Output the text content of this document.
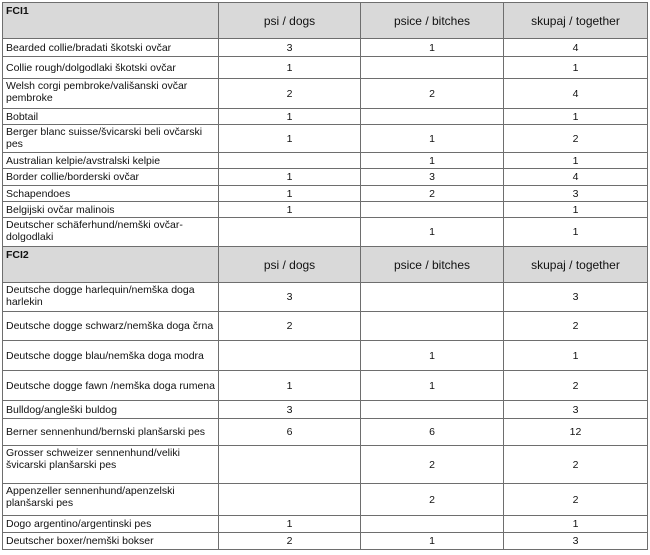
FCI1	psi / dogs	psice / bitches	skupaj / together
Bearded collie/bradati škotski ovčar	3	1	4
Collie rough/dolgodlaki škotski ovčar	1		1
Welsh corgi pembroke/vališanski ovčar pembroke	2	2	4
Bobtail	1		1
Berger blanc suisse/švicarski beli ovčarski pes	1	1	2
Australian kelpie/avstralski kelpie		1	1
Border collie/borderski ovčar	1	3	4
Schapendoes	1	2	3
Belgijski ovčar malinois	1		1
Deutscher schäferhund/nemški ovčar-dolgodlaki		1	1
FCI2	psi / dogs	psice / bitches	skupaj / together
Deutsche dogge harlequin/nemška doga harlekin	3		3
Deutsche dogge schwarz/nemška doga črna	2		2
Deutsche dogge blau/nemška doga modra		1	1
Deutsche dogge fawn /nemška doga rumena	1	1	2
Bulldog/angleški buldog	3		3
Berner sennenhund/bernski planšarski pes	6	6	12
Grosser schweizer sennenhund/veliki švicarski planšarski pes		2	2
Appenzeller sennenhund/apenzelski planšarski pes		2	2
Dogo argentino/argentinski pes	1		1
Deutscher boxer/nemški bokser	2	1	3
